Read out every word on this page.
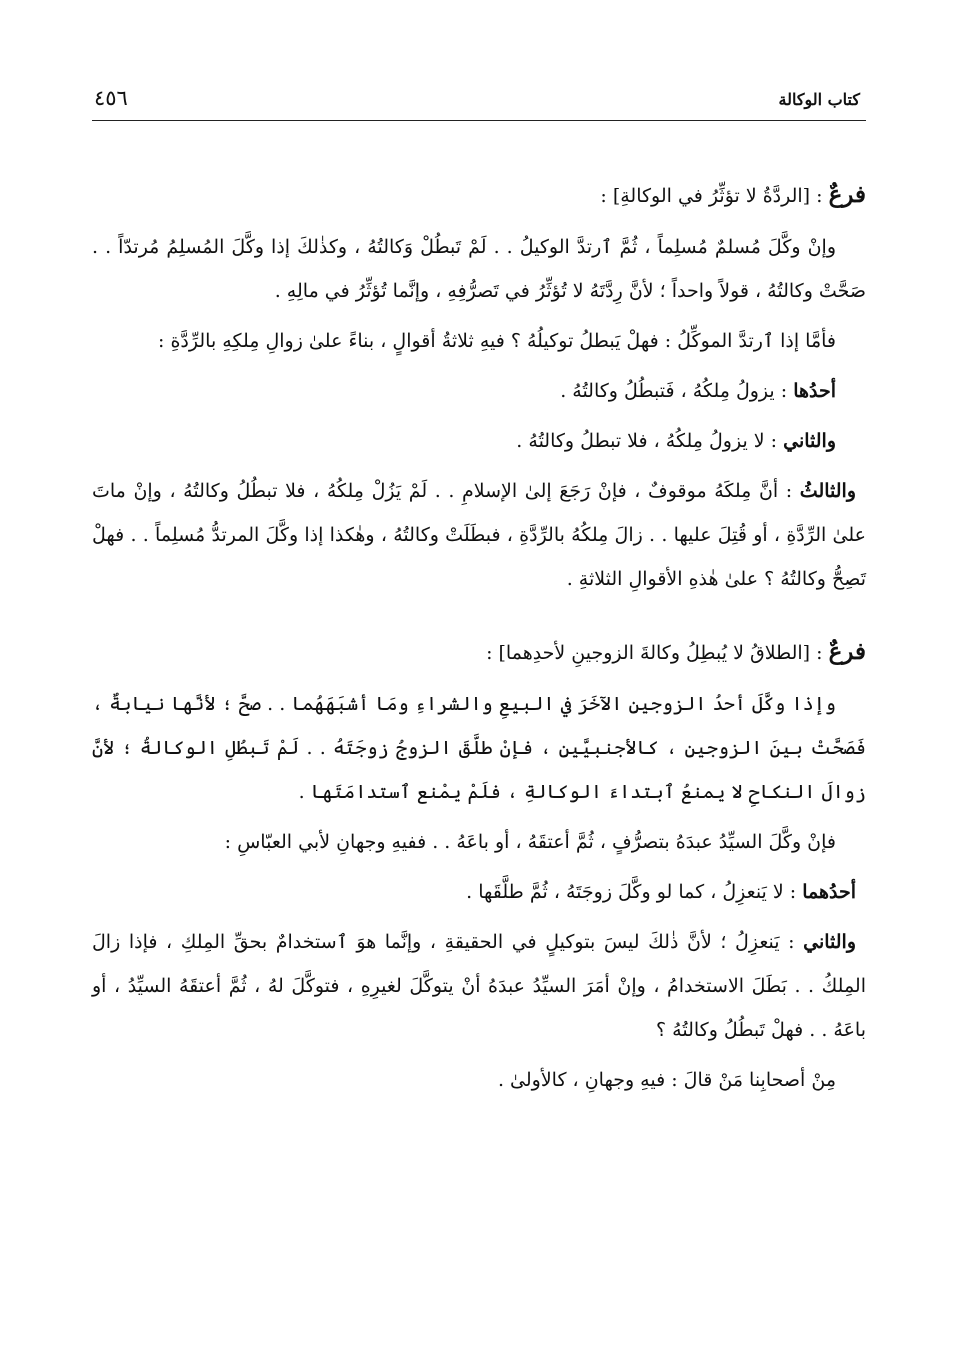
كتاب الوكالة
٤٥٦

فرعٌ : [الردَّةُ لا تؤثِّرُ في الوكالةِ] :

وإنْ وكَّلَ مُسلمٌ مُسلِماً ، ثُمَّ ٱرتدَّ الوكيلُ . . لَمْ تَبطُلْ وَكالتُهُ ، وكذٰلكَ إذا وكَّلَ المُسلِمُ مُرتدّاً . . صَحَّتْ وكالتُهُ ، قولاً واحداً ؛ لأنَّ رِدَّتَهُ لا تُؤثِّرُ في تَصرُّفِهِ ، وإنَّما تُؤثِّرُ في مالِهِ .

فأمَّا إذا ٱرتدَّ الموكِّلُ : فهلْ يَبطلُ توكيلُهُ ؟ فيهِ ثلاثةُ أقوالٍ ، بناءً علىٰ زوالِ مِلكِهِ بالرِّدَّةِ :

أحدُها : يزولُ مِلكُهُ ، فَتبطُلُ وكالتُهُ .

والثاني : لا يزولُ مِلكُهُ ، فلا تبطلُ وكالتُهُ .

والثالثُ : أنَّ مِلكَهُ موقوفٌ ، فإنْ رَجَعَ إلىٰ الإسلامِ . . لَمْ يَزُلْ مِلكُهُ ، فلا تبطُلُ وكالتُهُ ، وإنْ ماتَ علىٰ الرِّدَّةِ ، أو قُتِلَ عليها . . زالَ مِلكُهُ بالرِّدَّةِ ، فبطَلَتْ وكالتُهُ ، وهٰكذا إذا وكَّلَ المرتدُّ مُسلِماً . . فهلْ تَصِحُّ وكالتُهُ ؟ علىٰ هٰذهِ الأقوالِ الثلاثةِ .

فرعٌ : [الطلاقُ لا يُبطِلُ وكالةَ الزوجينِ لأحدِهما] :

وإذا وكَّلَ أحدُ الزوجينِ الآخَرَ في البيعِ والشراءِ ومَا أشبَهَهُما . . صحَّ ؛ لأنَّها نيابةٌ ، فَصَحَّتْ بينَ الزوجينِ ، كالأجنبيَّينِ ، فإنْ طلَّقَ الزوجُ زوجَتَهُ . . لَمْ تَبطُلِ الوكالةُ ؛ لأنَّ زوالَ النكاحِ لا يمنعُ ٱبتداءَ الوكالةِ ، فلَمْ يمْنع ٱستدامَتَها .

فإنْ وكَّلَ السيِّدُ عبدَهُ بتصرُّفٍ ، ثُمَّ أعتقَهُ ، أو باعَهُ . . ففيهِ وجهانِ لأبي العبّاسِ :

أحدُهما : لا يَنعزِلُ ، كما لو وكَّلَ زوجَتَهُ ، ثُمَّ طلَّقَها .

والثاني : يَنعزِلُ ؛ لأنَّ ذٰلكَ ليسَ بتوكيلٍ في الحقيقةِ ، وإنَّما هوَ ٱستخدامٌ بحقِّ المِلكِ ، فإذا زالَ المِلكُ . . بَطَلَ الاستخدامُ ، وإنْ أمَرَ السيِّدُ عبدَهُ أنْ يتوكَّلَ لغيرِهِ ، فتوكَّلَ لهُ ، ثُمَّ أعتقَهُ السيِّدُ ، أو باعَهُ . . فهلْ تَبطُلُ وكالتُهُ ؟

مِنْ أصحابِنا مَنْ قالَ : فيهِ وجهانِ ، كالأولىٰ .
